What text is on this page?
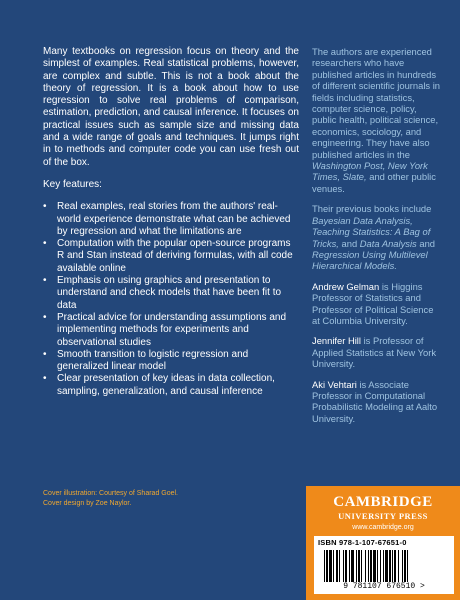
Many textbooks on regression focus on theory and the simplest of examples. Real statistical problems, however, are complex and subtle. This is not a book about the theory of regression. It is a book about how to use regression to solve real problems of comparison, estimation, prediction, and causal inference. It focuses on practical issues such as sample size and missing data and a wide range of goals and techniques. It jumps right in to methods and computer code you can use fresh out of the box.

Key features:

• Real examples, real stories from the authors' real-world experience demonstrate what can be achieved by regression and what the limitations are
• Computation with the popular open-source programs R and Stan instead of deriving formulas, with all code available online
• Emphasis on using graphics and presentation to understand and check models that have been fit to data
• Practical advice for understanding assumptions and implementing methods for experiments and observational studies
• Smooth transition to logistic regression and generalized linear model
• Clear presentation of key ideas in data collection, sampling, generalization, and causal inference

The authors are experienced researchers who have published articles in hundreds of different scientific journals in fields including statistics, computer science, policy, public health, political science, economics, sociology, and engineering. They have also published articles in the Washington Post, New York Times, Slate, and other public venues.

Their previous books include Bayesian Data Analysis, Teaching Statistics: A Bag of Tricks, and Data Analysis and Regression Using Multilevel Hierarchical Models.

Andrew Gelman is Higgins Professor of Statistics and Professor of Political Science at Columbia University.

Jennifer Hill is Professor of Applied Statistics at New York University.

Aki Vehtari is Associate Professor in Computational Probabilistic Modeling at Aalto University.

Cover illustration: Courtesy of Sharad Goel.
Cover design by Zoe Naylor.	CAMBRIDGE
UNIVERSITY PRESS
www.cambridge.org
ISBN 978-1-107-67651-0
9 781107 676510 >
